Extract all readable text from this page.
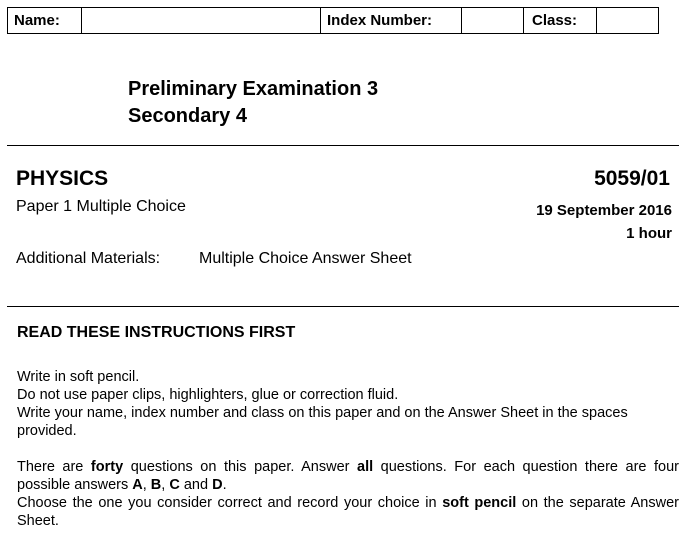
Name:		Index Number:		Class:	
Preliminary Examination 3
Secondary 4
PHYSICS	5059/01
Paper 1 Multiple Choice	19 September 2016
1 hour
Additional Materials: Multiple Choice Answer Sheet
READ THESE INSTRUCTIONS FIRST

Write in soft pencil.

Do not use paper clips, highlighters, glue or correction fluid.

Write your name, index number and class on this paper and on the Answer Sheet in the spaces provided.

There are forty questions on this paper. Answer all questions. For each question there are four possible answers A, B, C and D.

Choose the one you consider correct and record your choice in soft pencil on the separate Answer Sheet.
